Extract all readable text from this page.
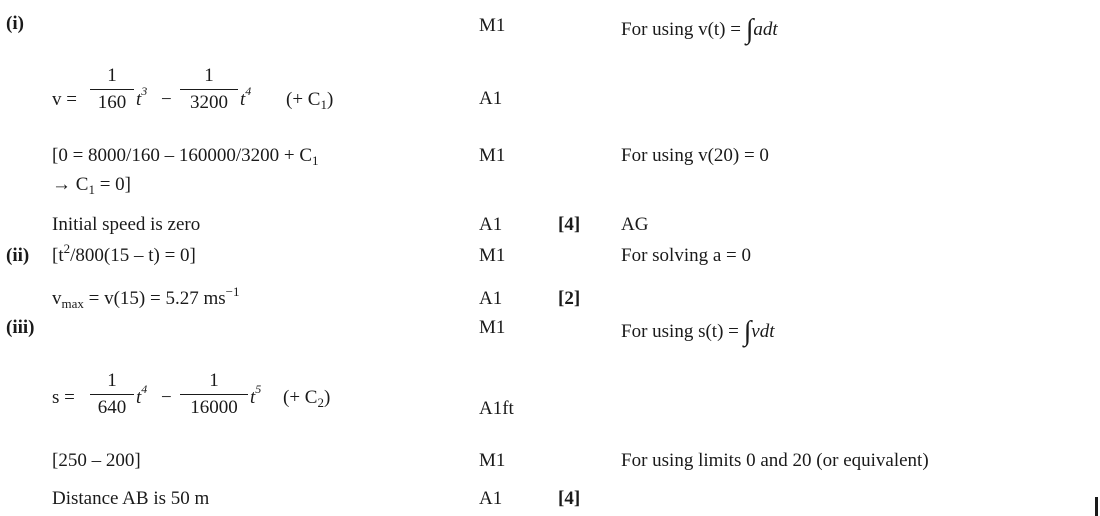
(i)
(ii)
(iii)
v =
1
160 $t^3$ −
1
3200 $t^4$ (+ $C_1$)
[$0 = 8000/160 - 160000/3200 + C_1$
→ $C_1 = 0$]
Initial speed is zero
$[t^2/800(15 - t) = 0]$
$v_{max} = v(15) = 5.27$ $ms^{-1}$
s =
1
640 $t^4$ −
1
16000 $t^5$ (+ $C_2$)
[250 – 200]
Distance AB is 50 m
M1
A1
M1
A1
M1
A1
M1
A1ft
M1
A1
[4]
[2]
[4]
For using v(t) = ∫adt
For using v(20) = 0
AG
For solving a = 0
For using s(t) = ∫vdt
For using limits 0 and 20 (or equivalent)
